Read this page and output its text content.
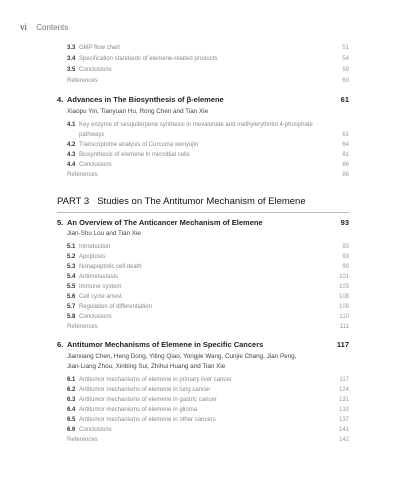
vi Contents
3.3 GMP flow chart	51
3.4 Specification standards of elemene-related products	54
3.5 Conclusions	59
References	60
4. Advances in The Biosynthesis of β-elemene	61
Xiaopu Yin, Tianyuan Hu, Rong Chen and Tian Xie
4.1 Key enzyme of sesquiterpene synthesis in mevalonate and methylerythritol 4-phosphate
pathways	61
4.2 Transcriptome analysis of Curcuma wenyujin	64
4.3 Biosynthesis of elemene in microbial cells	81
4.4 Conclusions	86
References	86
PART 3 Studies on The Antitumor Mechanism of Elemene
5. An Overview of The Anticancer Mechanism of Elemene	93
Jian-Shu Lou and Tian Xie
5.1 Introduction	93
5.2 Apoptosis	93
5.3 Nonapoptotic cell death	99
5.4 Antimetastasis	101
5.5 Immune system	103
5.6 Cell cycle arrest	108
5.7 Regulation of differentiation	109
5.8 Conclusions	110
References	111
6. Antitumor Mechanisms of Elemene in Specific Cancers	117
Jianxiang Chen, Heng Dong, Yiting Qiao, Yongjie Wang, Cunjie Chang, Jian Peng,
Jian-Liang Zhou, Xinbing Sui, Zhihui Huang and Tian Xie
6.1 Antitumor mechanisms of elemene in primary liver cancer	117
6.2 Antitumor mechanisms of elemene in lung cancer	124
6.3 Antitumor mechanisms of elemene in gastric cancer	131
6.4 Antitumor mechanisms of elemene in glioma	133
6.5 Antitumor mechanisms of elemene in other cancers	137
6.6 Conclusions	141
References	142
